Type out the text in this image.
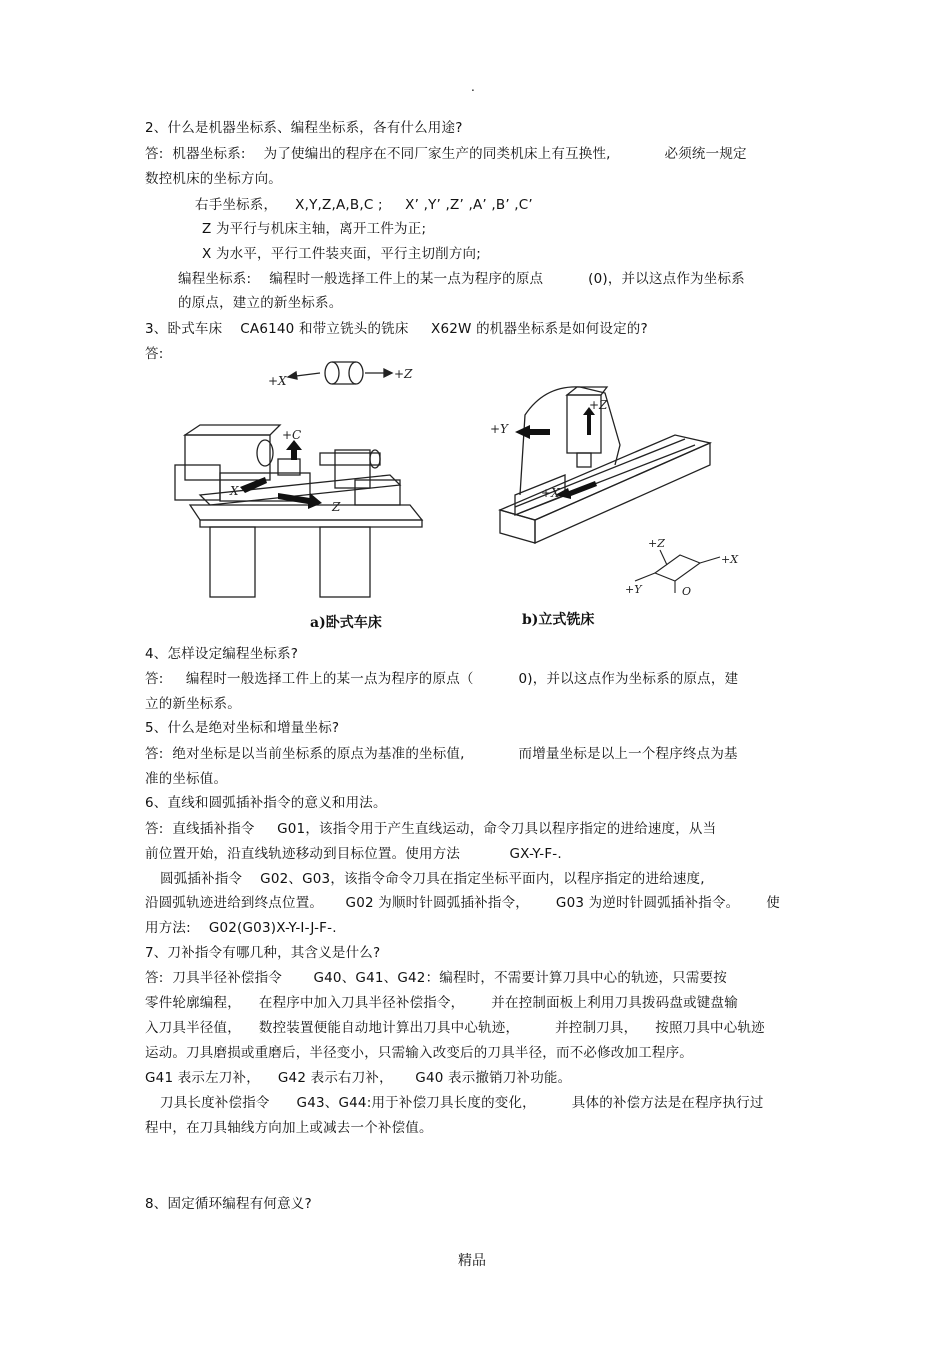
.
2、什么是机器坐标系、编程坐标系，各有什么用途?
答:  机器坐标系:    为了使编出的程序在不同厂家生产的同类机床上有互换性,            必须统一规定
数控机床的坐标方向。
右手坐标系，    X,Y,Z,A,B,C ;     X’ ,Y’ ,Z’ ,A’ ,B’ ,C’
Z 为平行与机床主轴，离开工件为正;
X 为水平，平行工件装夹面，平行主切削方向;
编程坐标系:    编程时一般选择工件上的某一点为程序的原点          (0)，并以这点作为坐标系
的原点，建立的新坐标系。
3、卧式车床    CA6140 和带立铣头的铣床     X62W 的机器坐标系是如何设定的?
答:
+X	+Z
+C
X
Z
a)卧式车床
+Z
+Y
+X
+Z
+X
+Y	O
b)立式铣床
4、怎样设定编程坐标系?
答:     编程时一般选择工件上的某一点为程序的原点（          0)，并以这点作为坐标系的原点，建
立的新坐标系。
5、什么是绝对坐标和增量坐标?
答:  绝对坐标是以当前坐标系的原点为基准的坐标值,            而增量坐标是以上一个程序终点为基
准的坐标值。
6、直线和圆弧插补指令的意义和用法。
答:  直线插补指令     G01，该指令用于产生直线运动，命令刀具以程序指定的进给速度，从当
前位置开始，沿直线轨迹移动到目标位置。使用方法           GX-Y-F-.
圆弧插补指令    G02、G03，该指令命令刀具在指定坐标平面内，以程序指定的进给速度,
沿圆弧轨迹进给到终点位置。     G02 为顺时针圆弧插补指令，      G03 为逆时针圆弧插补指令。      使
用方法:    G02(G03)X-Y-I-J-F-.
7、刀补指令有哪几种，其含义是什么?
答:  刀具半径补偿指令       G40、G41、G42：编程时，不需要计算刀具中心的轨迹，只需要按
零件轮廓编程，    在程序中加入刀具半径补偿指令，      并在控制面板上利用刀具拨码盘或键盘输
入刀具半径值，    数控装置便能自动地计算出刀具中心轨迹，        并控制刀具，    按照刀具中心轨迹
运动。刀具磨损或重磨后，半径变小，只需输入改变后的刀具半径，而不必修改加工程序。
G41 表示左刀补，    G42 表示右刀补，     G40 表示撤销刀补功能。
刀具长度补偿指令      G43、G44:用于补偿刀具长度的变化，        具体的补偿方法是在程序执行过
程中，在刀具轴线方向加上或减去一个补偿值。
8、固定循环编程有何意义?
精品
